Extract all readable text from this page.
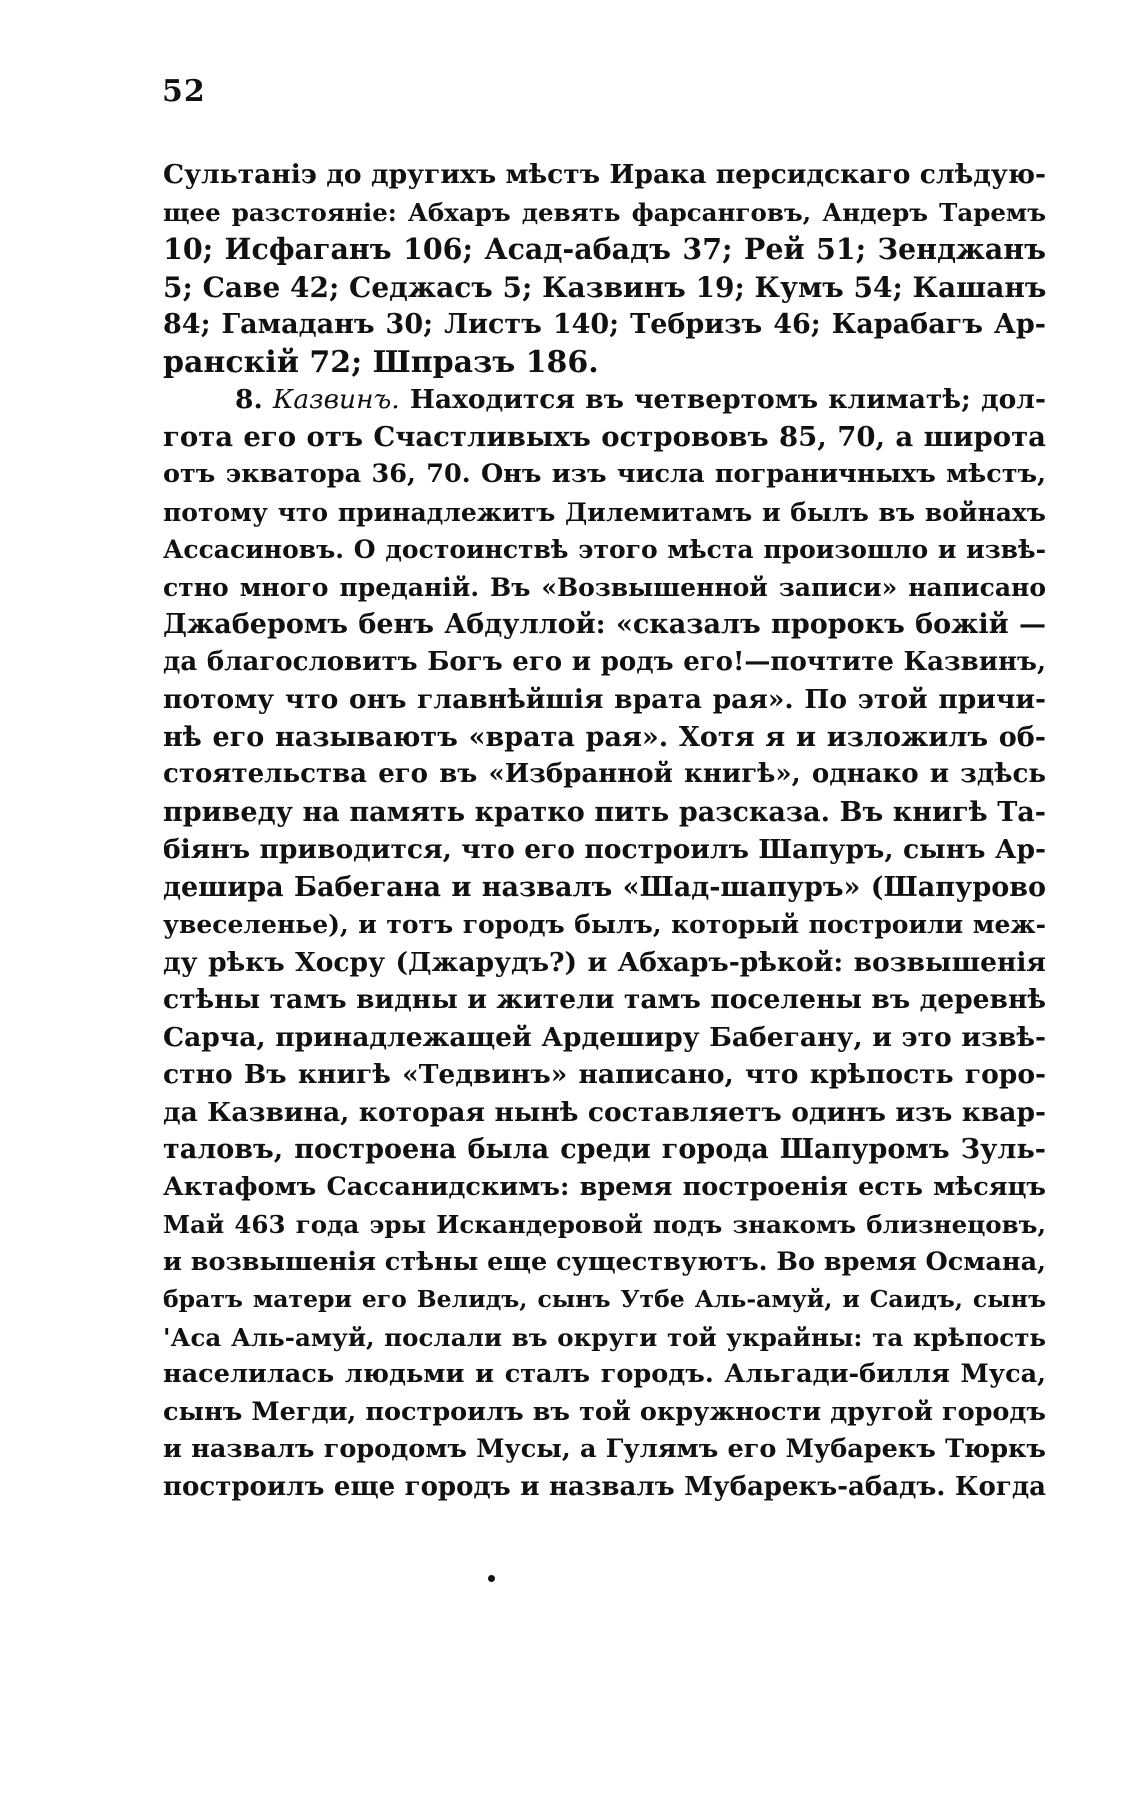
52
Сультаніэ до другихъ мѣстъ Ирака персидскаго слѣдую-
щее разстояніе: Абхаръ девять фарсанговъ, Андеръ Таремъ
10; Исфаганъ 106; Асад-абадъ 37; Рей 51; Зенджанъ
5; Саве 42; Седжасъ 5; Казвинъ 19; Кумъ 54; Кашанъ
84; Гамаданъ 30; Листъ 140; Тебризъ 46; Карабагъ Ар-
ранскій 72; Шпразъ 186.
8. Казвинъ. Находится въ четвертомъ климатѣ; дол-
гота его отъ Счастливыхъ острововъ 85, 70, а широта
отъ экватора 36, 70. Онъ изъ числа пограничныхъ мѣстъ,
потому что принадлежитъ Дилемитамъ и былъ въ войнахъ
Ассасиновъ. О достоинствѣ этого мѣста произошло и извѣ-
стно много преданій. Въ «Возвышенной записи» написано
Джаберомъ бенъ Абдуллой: «сказалъ пророкъ божій —
да благословитъ Богъ его и родъ его!—почтите Казвинъ,
потому что онъ главнѣйшія врата рая». По этой причи-
нѣ его называютъ «врата рая». Хотя я и изложилъ об-
стоятельства его въ «Избранной книгѣ», однако и здѣсь
приведу на память кратко пить разсказа. Въ книгѣ Та-
біянъ приводится, что его построилъ Шапуръ, сынъ Ар-
дешира Бабегана и назвалъ «Шад-шапуръ» (Шапурово
увеселенье), и тотъ городъ былъ, который построили меж-
ду рѣкъ Хосру (Джарудъ?) и Абхаръ-рѣкой: возвышенія
стѣны тамъ видны и жители тамъ поселены въ деревнѣ
Сарча, принадлежащей Ардеширу Бабегану, и это извѣ-
стно Въ книгѣ «Тедвинъ» написано, что крѣпость горо-
да Казвина, которая нынѣ составляетъ одинъ изъ квар-
таловъ, построена была среди города Шапуромъ Зуль-
Актафомъ Сассанидскимъ: время построенія есть мѣсяцъ
Май 463 года эры Искандеровой подъ знакомъ близнецовъ,
и возвышенія стѣны еще существуютъ. Во время Османа,
братъ матери его Велидъ, сынъ Утбе Аль-амуй, и Саидъ, сынъ
'Аса Аль-амуй, послали въ округи той украйны: та крѣпость
населилась людьми и сталъ городъ. Альгади-билля Муса,
сынъ Мегди, построилъ въ той окружности другой городъ
и назвалъ городомъ Мусы, а Гулямъ его Мубарекъ Тюркъ
построилъ еще городъ и назвалъ Мубарекъ-абадъ. Когда
